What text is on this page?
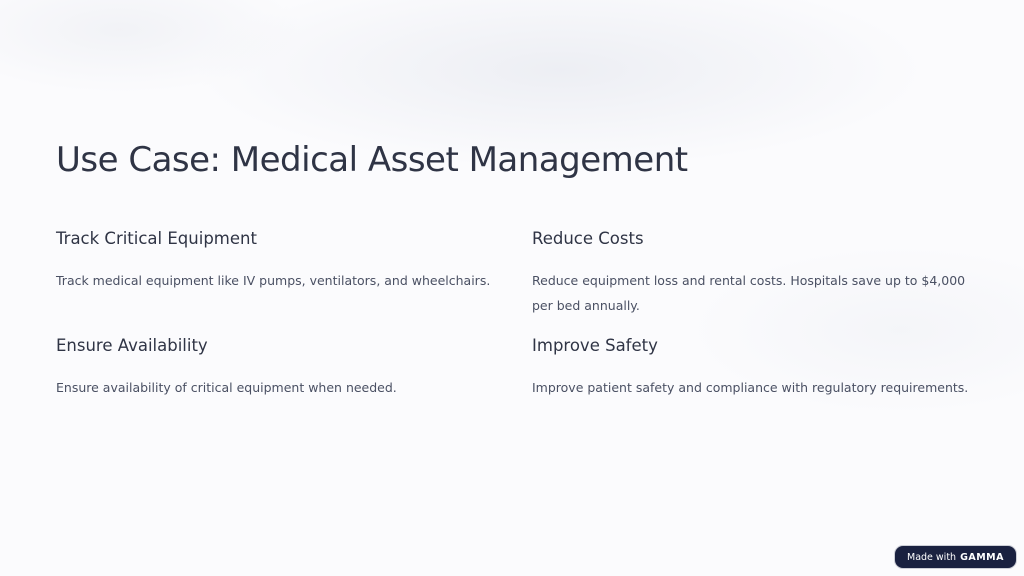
Use Case: Medical Asset Management
Track Critical Equipment

Track medical equipment like IV pumps, ventilators, and wheelchairs.

Reduce Costs

Reduce equipment loss and rental costs. Hospitals save up to $4,000 per bed annually.

Ensure Availability

Ensure availability of critical equipment when needed.

Improve Safety

Improve patient safety and compliance with regulatory requirements.

Made with GAMMA
